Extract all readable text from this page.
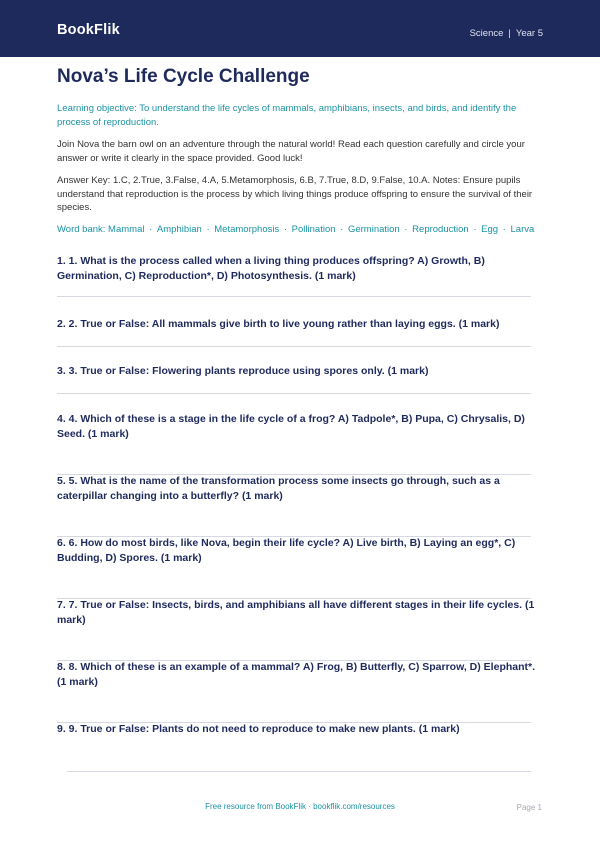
BookFlik	Science | Year 5
Nova’s Life Cycle Challenge
Learning objective: To understand the life cycles of mammals, amphibians, insects, and birds, and identify the process of reproduction.
Join Nova the barn owl on an adventure through the natural world! Read each question carefully and circle your answer or write it clearly in the space provided. Good luck!
Answer Key: 1.C, 2.True, 3.False, 4.A, 5.Metamorphosis, 6.B, 7.True, 8.D, 9.False, 10.A. Notes: Ensure pupils understand that reproduction is the process by which living things produce offspring to ensure the survival of their species.
Word bank: Mammal · Amphibian · Metamorphosis · Pollination · Germination · Reproduction · Egg · Larva
1. 1. What is the process called when a living thing produces offspring? A) Growth, B) Germination, C) Reproduction*, D) Photosynthesis. (1 mark)
2. 2. True or False: All mammals give birth to live young rather than laying eggs. (1 mark)
3. 3. True or False: Flowering plants reproduce using spores only. (1 mark)
4. 4. Which of these is a stage in the life cycle of a frog? A) Tadpole*, B) Pupa, C) Chrysalis, D) Seed. (1 mark)
5. 5. What is the name of the transformation process some insects go through, such as a caterpillar changing into a butterfly? (1 mark)
6. 6. How do most birds, like Nova, begin their life cycle? A) Live birth, B) Laying an egg*, C) Budding, D) Spores. (1 mark)
7. 7. True or False: Insects, birds, and amphibians all have different stages in their life cycles. (1 mark)
8. 8. Which of these is an example of a mammal? A) Frog, B) Butterfly, C) Sparrow, D) Elephant*. (1 mark)
9. 9. True or False: Plants do not need to reproduce to make new plants. (1 mark)
Free resource from BookFlik · bookflik.com/resources	Page 1
